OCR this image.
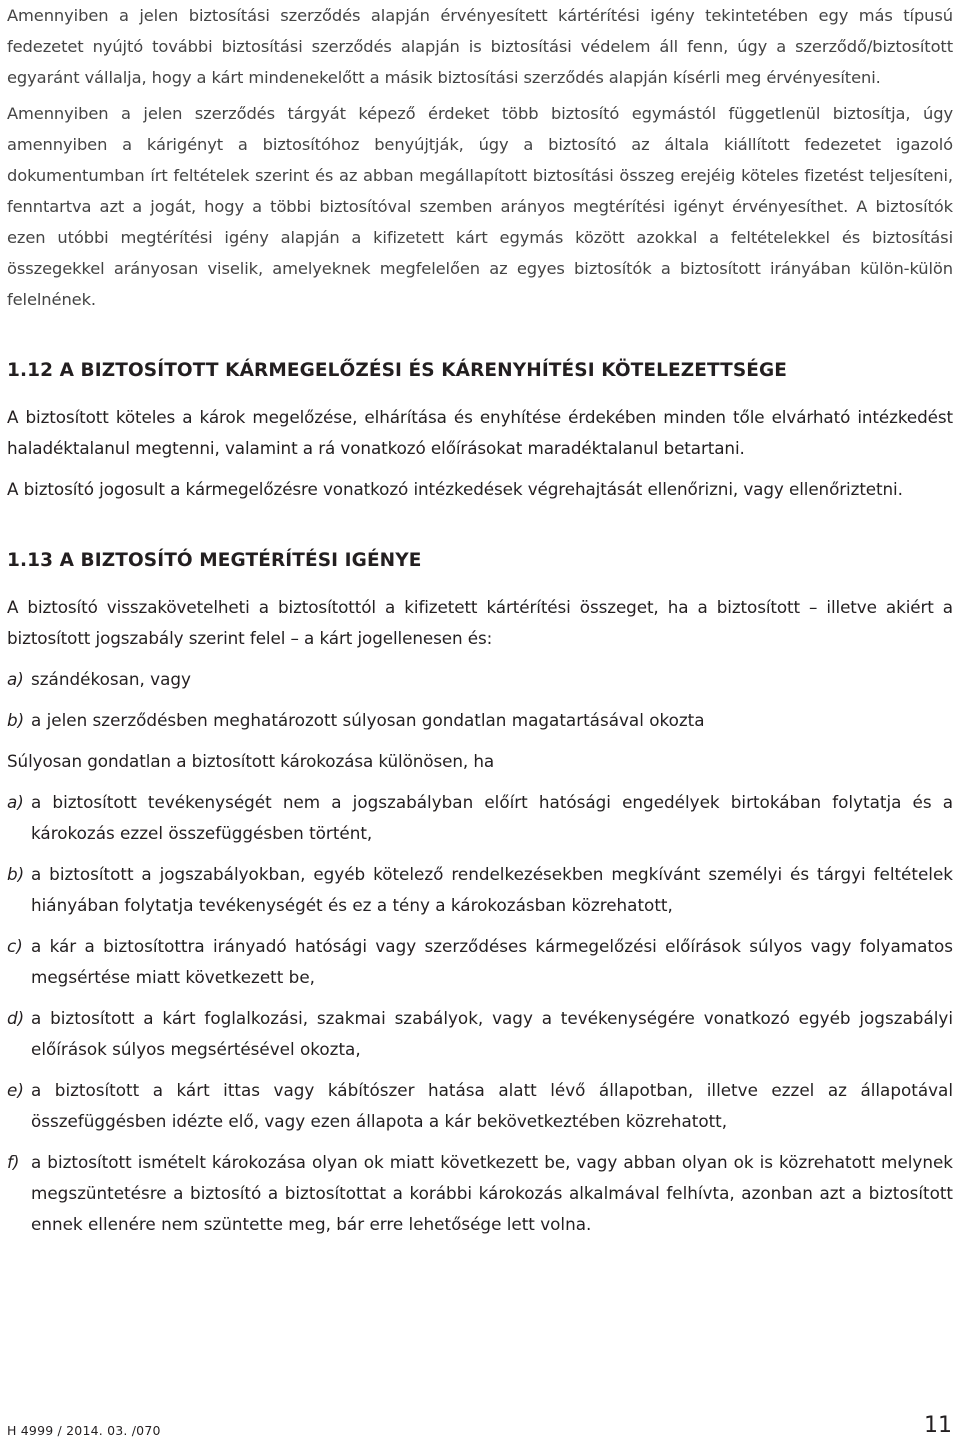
Amennyiben a jelen biztosítási szerződés alapján érvényesített kártérítési igény tekintetében egy más típusú fedezetet nyújtó további biztosítási szerződés alapján is biztosítási védelem áll fenn, úgy a szerződő/biztosított egyaránt vállalja, hogy a kárt mindenekelőtt a másik biztosítási szerződés alapján kísérli meg érvényesíteni.

Amennyiben a jelen szerződés tárgyát képező érdeket több biztosító egymástól függetlenül biztosítja, úgy amennyiben a kárigényt a biztosítóhoz benyújtják, úgy a biztosító az általa kiállított fedezetet igazoló dokumentumban írt feltételek szerint és az abban megállapított biztosítási összeg erejéig köteles fizetést teljesíteni, fenntartva azt a jogát, hogy a többi biztosítóval szemben arányos megtérítési igényt érvényesíthet. A biztosítók ezen utóbbi megtérítési igény alapján a kifizetett kárt egymás között azokkal a feltételekkel és biztosítási összegekkel arányosan viselik, amelyeknek megfelelően az egyes biztosítók a biztosított irányában külön-külön felelnének.

1.12 A BIZTOSÍTOTT KÁRMEGELŐZÉSI ÉS KÁRENYHÍTÉSI KÖTELEZETTSÉGE

A biztosított köteles a károk megelőzése, elhárítása és enyhítése érdekében minden tőle elvárható intézkedést haladéktalanul megtenni, valamint a rá vonatkozó előírásokat maradéktalanul betartani.

A biztosító jogosult a kármegelőzésre vonatkozó intézkedések végrehajtását ellenőrizni, vagy ellenőriztetni.

1.13 A BIZTOSÍTÓ MEGTÉRÍTÉSI IGÉNYE

A biztosító visszakövetelheti a biztosítottól a kifizetett kártérítési összeget, ha a biztosított – illetve akiért a biztosított jogszabály szerint felel – a kárt jogellenesen és:

a) szándékosan, vagy
b) a jelen szerződésben meghatározott súlyosan gondatlan magatartásával okozta

Súlyosan gondatlan a biztosított károkozása különösen, ha

a) a biztosított tevékenységét nem a jogszabályban előírt hatósági engedélyek birtokában folytatja és a károkozás ezzel összefüggésben történt,
b) a biztosított a jogszabályokban, egyéb kötelező rendelkezésekben megkívánt személyi és tárgyi feltételek hiányában folytatja tevékenységét és ez a tény a károkozásban közrehatott,
c) a kár a biztosítottra irányadó hatósági vagy szerződéses kármegelőzési előírások súlyos vagy folyamatos megsértése miatt következett be,
d) a biztosított a kárt foglalkozási, szakmai szabályok, vagy a tevékenységére vonatkozó egyéb jogszabályi előírások súlyos megsértésével okozta,
e) a biztosított a kárt ittas vagy kábítószer hatása alatt lévő állapotban, illetve ezzel az állapotával összefüggésben idézte elő, vagy ezen állapota a kár bekövetkeztében közrehatott,
f) a biztosított ismételt károkozása olyan ok miatt következett be, vagy abban olyan ok is közrehatott melynek megszüntetésre a biztosító a biztosítottat a korábbi károkozás alkalmával felhívta, azonban azt a biztosított ennek ellenére nem szüntette meg, bár erre lehetősége lett volna.
H 4999 / 2014. 03. /070	11
